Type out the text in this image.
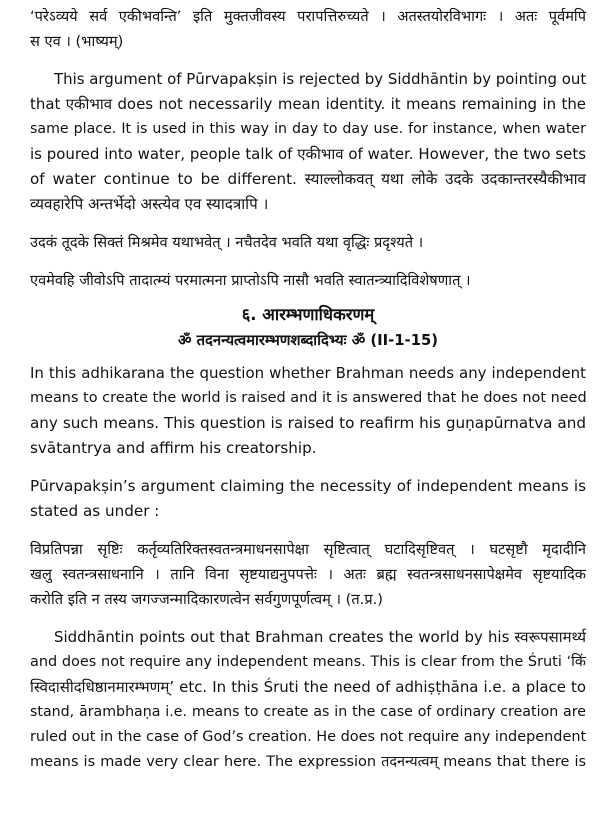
‘परेऽव्यये सर्व एकीभवन्ति’ इति मुक्तजीवस्य परापत्तिरुच्यते । अतस्तयोरविभागः । अतः पूर्वमपि
स एव । (भाष्यम्)
This argument of Pūrvapakṣin is rejected by Siddhāntin by pointing out
that एकीभाव does not necessarily mean identity. it means remaining in the
same place. It is used in this way in day to day use. for instance, when water
is poured into water, people talk of एकीभाव of water. However, the two sets
of water continue to be different. स्याल्लोकवत् यथा लोके उदके उदकान्तरस्यैकीभाव
व्यवहारेपि अन्तर्भेदो अस्त्येव एव स्यादत्रापि ।
उदकं तूदके सिक्तं मिश्रमेव यथाभवेत् । नचैतदेव भवति यथा वृद्धिः प्रदृश्यते ।
एवमेवहि जीवोऽपि तादात्म्यं परमात्मना प्राप्तोऽपि नासौ भवति स्वातन्त्र्यादिविशेषणात् ।
६. आरम्भणाधिकरणम्
ॐ तदनन्यत्वमारम्भणशब्दादिभ्यः ॐ (II-1-15)
In this adhikarana the question whether Brahman needs any independent
means to create the world is raised and it is answered that he does not need
any such means. This question is raised to reafirm his guṇapūrnatva and
svātantrya and affirm his creatorship.
Pūrvapakṣin’s argument claiming the necessity of independent means is
stated as under :
विप्रतिपन्ना सृष्टिः कर्तृव्यतिरिक्तस्वतन्त्रमाधनसापेक्षा सृष्टित्वात् घटादिसृष्टिवत् । घटसृष्टौ मृदादीनि
खलु स्वतन्त्रसाधनानि । तानि विना सृष्टयाद्यनुपपत्तेः । अतः ब्रह्म स्वतन्त्रसाधनसापेक्षमेव सृष्टयादिक
करोति इति न तस्य जगज्जन्मादिकारणत्वेन सर्वगुणपूर्णत्वम् । (त.प्र.)
Siddhāntin points out that Brahman creates the world by his स्वरूपसामर्थ्य
and does not require any independent means. This is clear from the Śruti ‘किं
स्विदासीदधिष्ठानमारम्भणम्’ etc. In this Śruti the need of adhiṣṭhāna i.e. a place to
stand, ārambhaṇa i.e. means to create as in the case of ordinary creation are
ruled out in the case of God’s creation. He does not require any independent
means is made very clear here. The expression तदनन्यत्वम् means that there is
